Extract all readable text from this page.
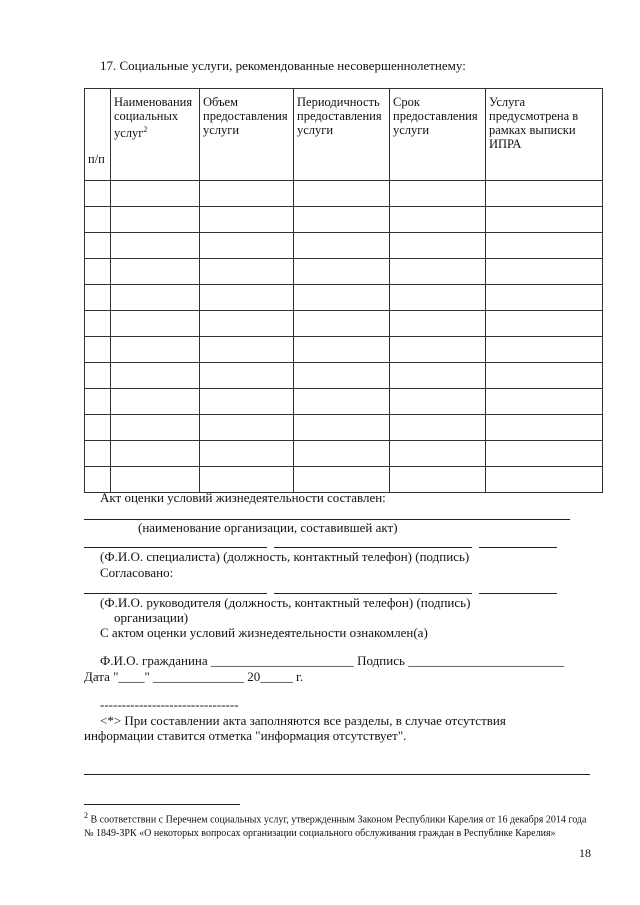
17. Социальные услуги, рекомендованные несовершеннолетнему:
п/п	Наименования социальных услуг$^2$	Объем предоставления услуги	Периодичность предоставления услуги	Срок предоставления услуги	Услуга предусмотрена в рамках выписки ИПРА

Акт оценки условий жизнедеятельности составлен:
(наименование организации, составившей акт)
(Ф.И.О. специалиста) (должность, контактный телефон) (подпись)
Согласовано:
(Ф.И.О. руководителя (должность, контактный телефон) (подпись)
организации)
С актом оценки условий жизнедеятельности ознакомлен(а)
Ф.И.О. гражданина ______________________ Подпись ________________________
Дата "____" ______________ 20_____ г.
--------------------------------
<*> При составлении акта заполняются все разделы, в случае отсутствия
информации ставится отметка "информация отсутствует".
$^2$ В соответствии с Перечнем социальных услуг, утвержденным Законом Республики Карелия от 16 декабря 2014 года № 1849-ЗРК «О некоторых вопросах организации социального обслуживания граждан в Республике Карелия»
18
